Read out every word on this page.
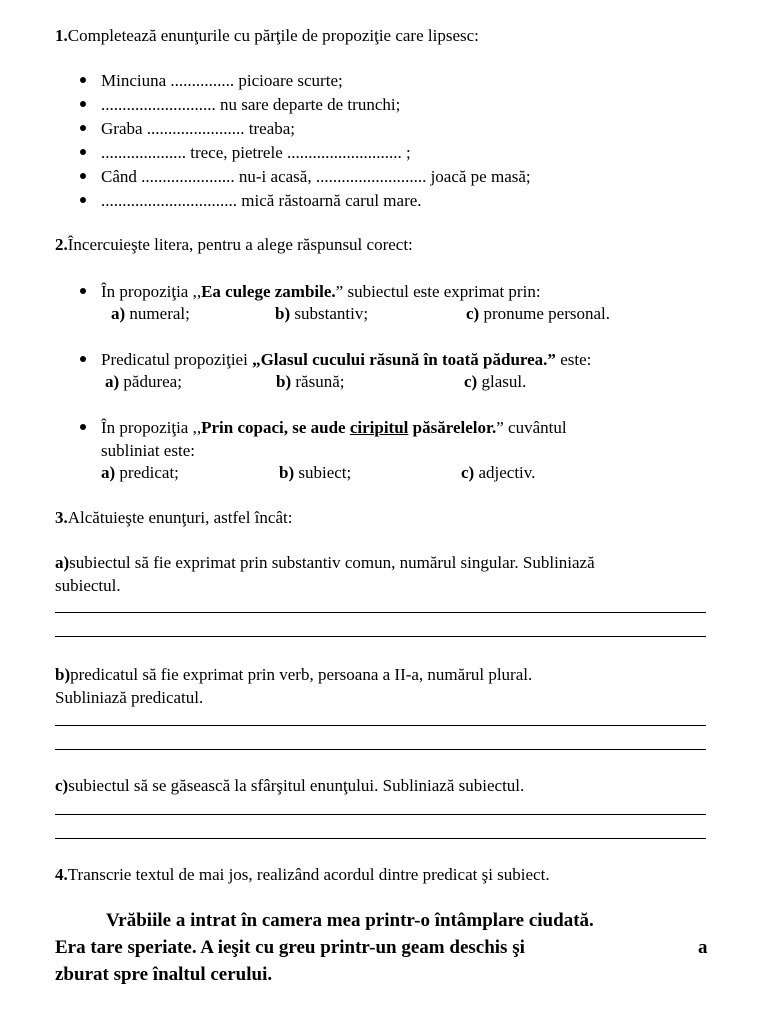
1.Completează enunţurile cu părţile de propoziţie care lipsesc:
Minciuna ............... picioare scurte;
........................... nu sare departe de trunchi;
Graba ....................... treaba;
.................... trece, pietrele ........................... ;
Când ...................... nu-i acasă, .......................... joacă pe masă;
................................ mică răstoarnă carul mare.
2.Încercuieşte litera, pentru a alege răspunsul corect:
În propoziţia ,,Ea culege zambile.” subiectul este exprimat prin:
a) numeral;	b) substantiv;	c) pronume personal.
Predicatul propoziţiei „Glasul cucului răsună în toată pădurea.” este:
a) pădurea;	b) răsună;	c) glasul.
În propoziţia ,,Prin copaci, se aude ciripitul păsărelelor.” cuvântul
subliniat este:
a) predicat;	b) subiect;	c) adjectiv.
3.Alcătuieşte enunţuri, astfel încât:
a)subiectul să fie exprimat prin substantiv comun, numărul singular. Subliniază
subiectul.
b)predicatul să fie exprimat prin verb, persoana a II-a, numărul plural.
Subliniază predicatul.
c)subiectul să se găsească la sfârşitul enunţului. Subliniază subiectul.
4.Transcrie textul de mai jos, realizând acordul dintre predicat şi subiect.
Vrăbiile a intrat în camera mea printr-o întâmplare ciudată.
Era tare speriate. A ieşit cu greu printr-un geam deschis şi	a
zburat spre înaltul cerului.
